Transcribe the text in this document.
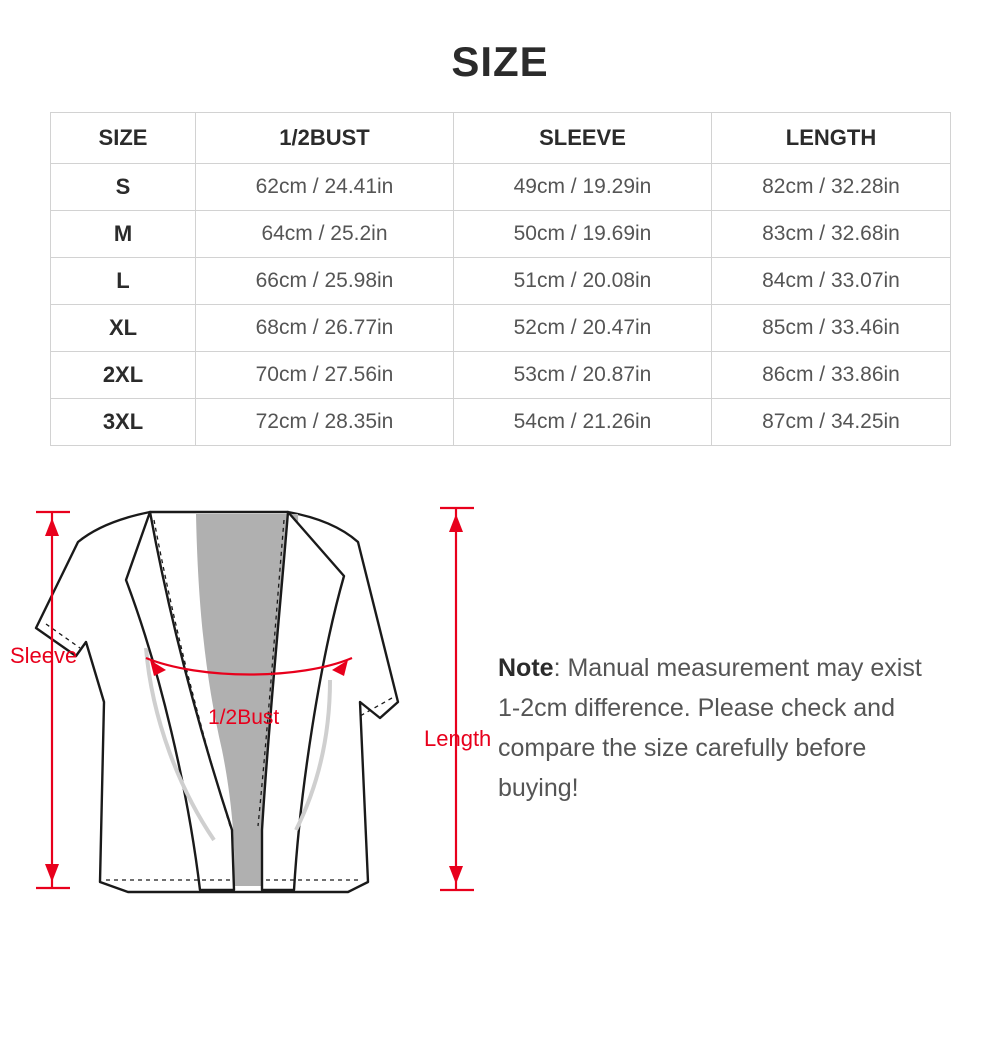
SIZE
SIZE	1/2BUST	SLEEVE	LENGTH
S	62cm / 24.41in	49cm / 19.29in	82cm / 32.28in
M	64cm / 25.2in	50cm / 19.69in	83cm / 32.68in
L	66cm / 25.98in	51cm / 20.08in	84cm / 33.07in
XL	68cm / 26.77in	52cm / 20.47in	85cm / 33.46in
2XL	70cm / 27.56in	53cm / 20.87in	86cm / 33.86in
3XL	72cm / 28.35in	54cm / 21.26in	87cm / 34.25in
Note: Manual measurement may exist 1-2cm difference. Please check and compare the size carefully before buying!
Sleeve
1/2Bust
Length
